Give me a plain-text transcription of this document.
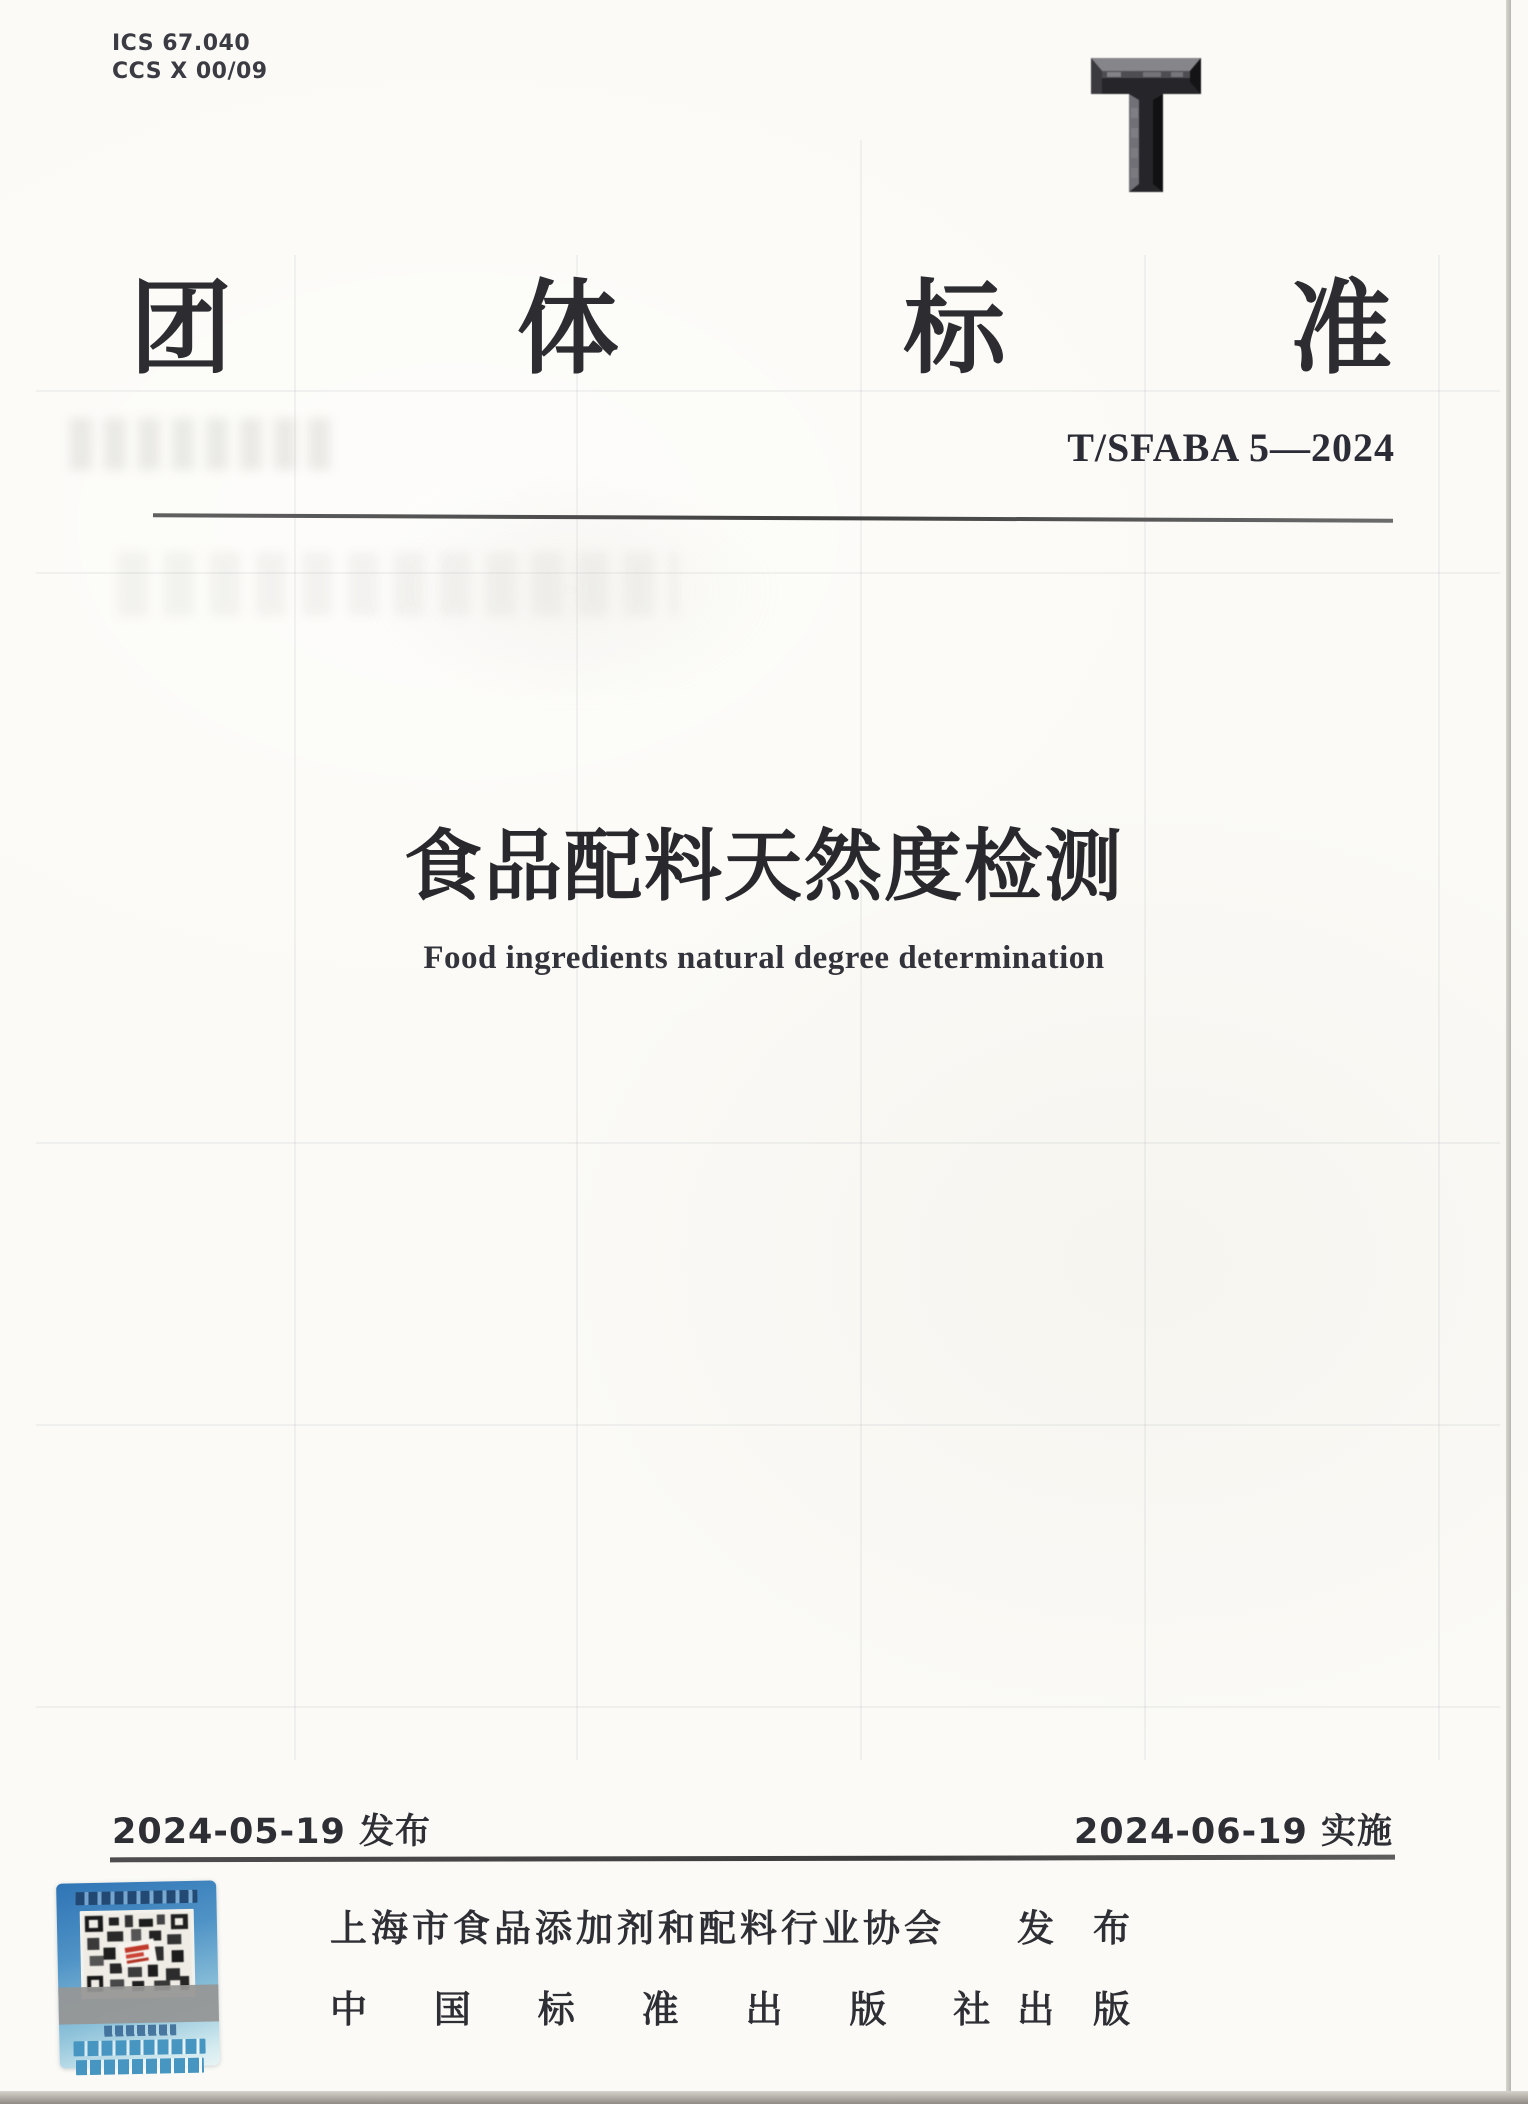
ICS 67.040
CCS X 00/09
团	体	标	准
T/SFABA 5—2024
食品配料天然度检测
Food ingredients natural degree determination
2024-05-19 发布	2024-06-19 实施
上海市食品添加剂和配料行业协会 发 布
中 国 标 准 出 版 社 出 版
